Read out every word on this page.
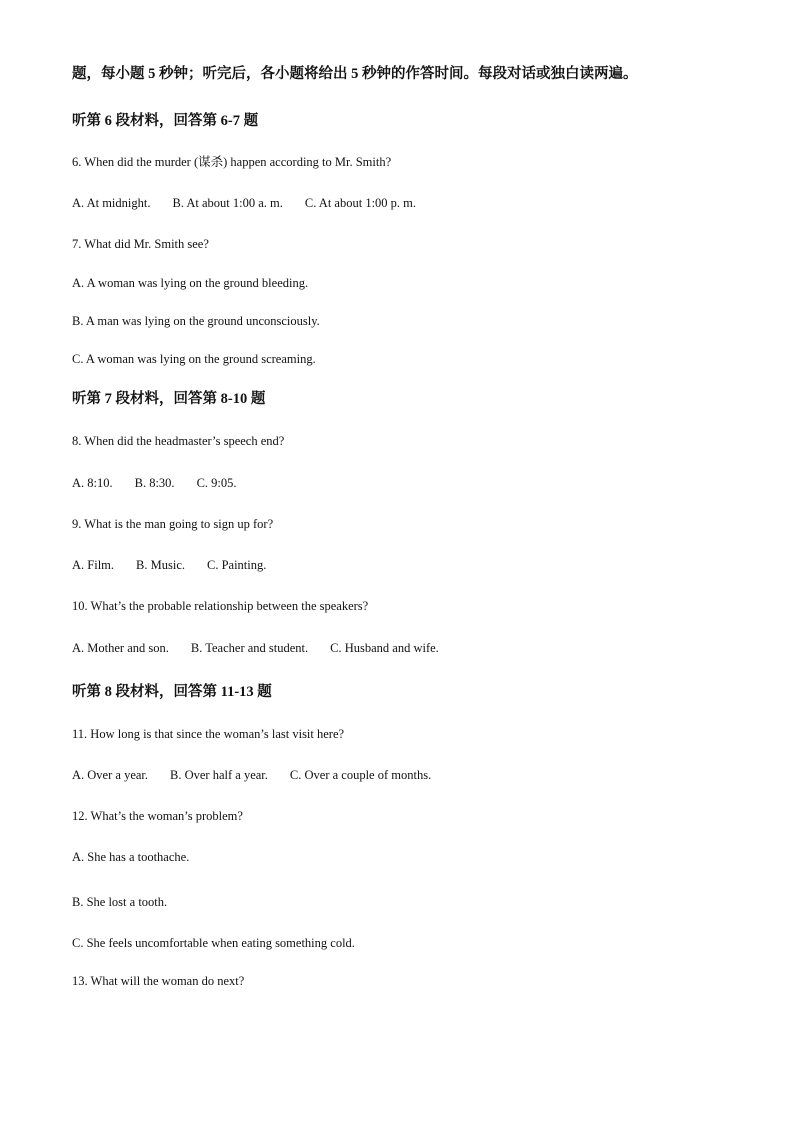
题，每小题 5 秒钟；听完后，各小题将给出 5 秒钟的作答时间。每段对话或独白读两遍。
听第 6 段材料，回答第 6-7 题
6. When did the murder (谋杀) happen according to Mr. Smith?
A. At midnight. B. At about 1:00 a. m. C. At about 1:00 p. m.
7. What did Mr. Smith see?
A. A woman was lying on the ground bleeding.
B. A man was lying on the ground unconsciously.
C. A woman was lying on the ground screaming.
听第 7 段材料，回答第 8-10 题
8. When did the headmaster’s speech end?
A. 8:10. B. 8:30. C. 9:05.
9. What is the man going to sign up for?
A. Film. B. Music. C. Painting.
10. What’s the probable relationship between the speakers?
A. Mother and son. B. Teacher and student. C. Husband and wife.
听第 8 段材料，回答第 11-13 题
11. How long is that since the woman’s last visit here?
A. Over a year. B. Over half a year. C. Over a couple of months.
12. What’s the woman’s problem?
A. She has a toothache.
B. She lost a tooth.
C. She feels uncomfortable when eating something cold.
13. What will the woman do next?
